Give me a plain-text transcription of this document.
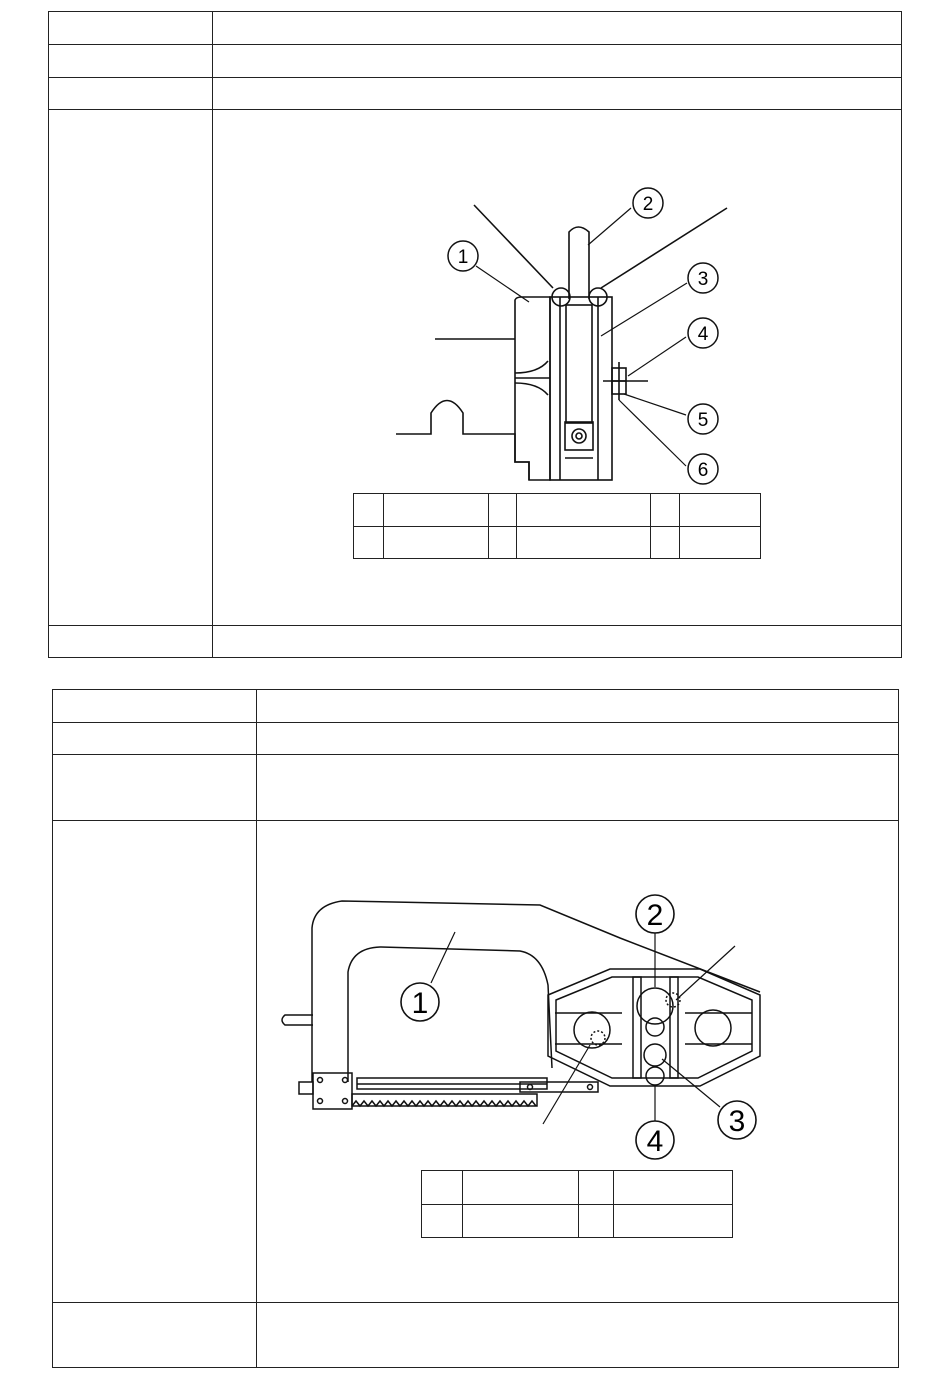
1
2
3
4
5
6

1
2
3
4
